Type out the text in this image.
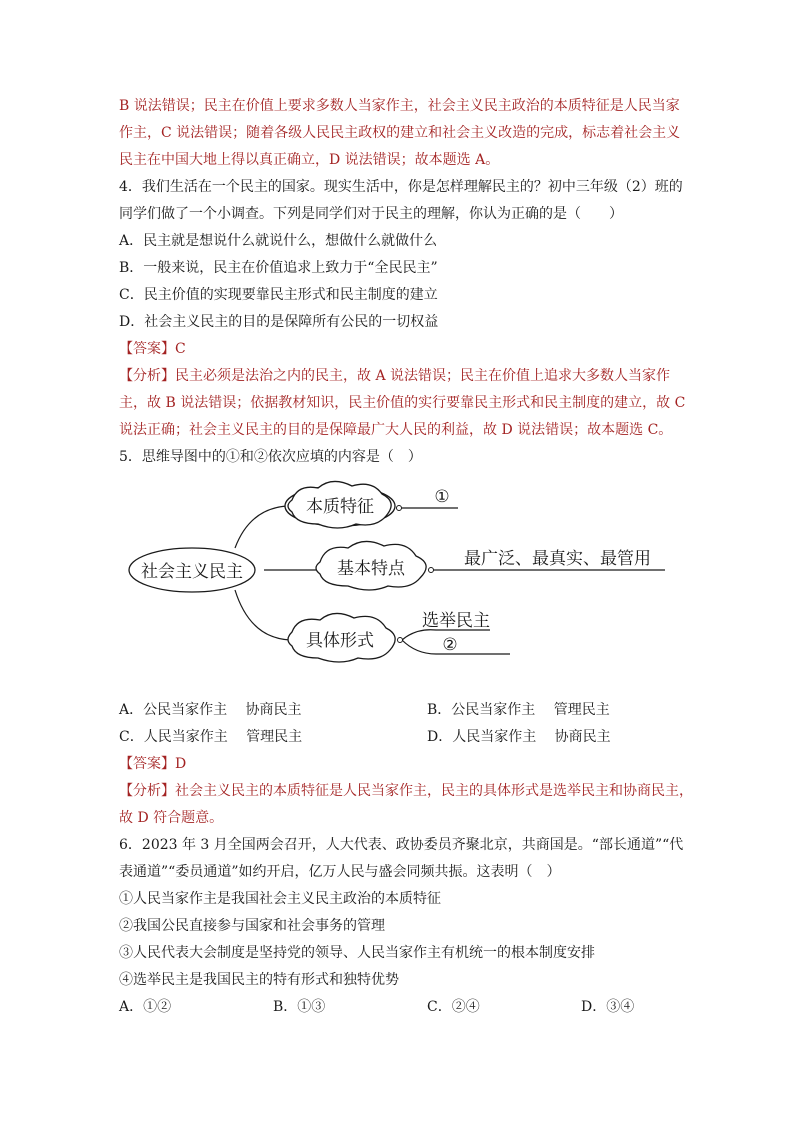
B 说法错误；民主在价值上要求多数人当家作主，社会主义民主政治的本质特征是人民当家
作主，C 说法错误；随着各级人民民主政权的建立和社会主义改造的完成，标志着社会主义
民主在中国大地上得以真正确立，D 说法错误；故本题选 A。
4．我们生活在一个民主的国家。现实生活中，你是怎样理解民主的？初中三年级（2）班的
同学们做了一个小调查。下列是同学们对于民主的理解，你认为正确的是（　　）
A．民主就是想说什么就说什么，想做什么就做什么
B．一般来说，民主在价值追求上致力于“全民民主”
C．民主价值的实现要靠民主形式和民主制度的建立
D．社会主义民主的目的是保障所有公民的一切权益
【答案】C
【分析】民主必须是法治之内的民主，故 A 说法错误；民主在价值上追求大多数人当家作
主，故 B 说法错误；依据教材知识，民主价值的实行要靠民主形式和民主制度的建立，故 C
说法正确；社会主义民主的目的是保障最广大人民的利益，故 D 说法错误；故本题选 C。
5．思维导图中的①和②依次应填的内容是（　）
社会主义民主
本质特征	①
基本特点	最广泛、最真实、最管用
具体形式
选举民主
②
A．公民当家作主　 协商民主	B．公民当家作主　 管理民主
C．人民当家作主　 管理民主	D．人民当家作主　 协商民主
【答案】D
【分析】社会主义民主的本质特征是人民当家作主，民主的具体形式是选举民主和协商民主，
故 D 符合题意。
6．2023 年 3 月全国两会召开，人大代表、政协委员齐聚北京，共商国是。“部长通道”“代
表通道”“委员通道”如约开启，亿万人民与盛会同频共振。这表明（　）
①人民当家作主是我国社会主义民主政治的本质特征
②我国公民直接参与国家和社会事务的管理
③人民代表大会制度是坚持党的领导、人民当家作主有机统一的根本制度安排
④选举民主是我国民主的特有形式和独特优势
A．①②	B．①③	C．②④	D．③④
